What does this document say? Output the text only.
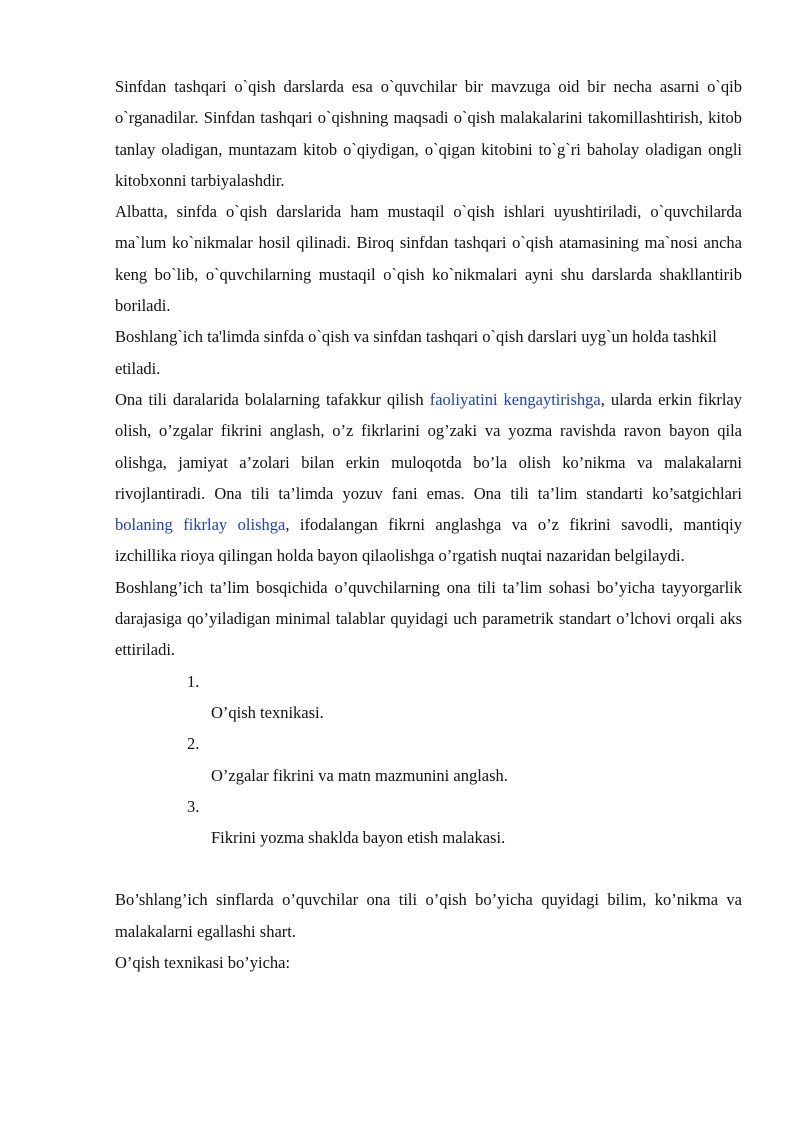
Sinfdan tashqari o`qish darslarda esa o`quvchilar bir mavzuga oid bir necha asarni o`qib o`rganadilar. Sinfdan tashqari o`qishning maqsadi o`qish malakalarini takomillashtirish, kitob tanlay oladigan, muntazam kitob o`qiydigan, o`qigan kitobini to`g`ri baholay oladigan ongli kitobxonni tarbiyalashdir.

Albatta, sinfda o`qish darslarida ham mustaqil o`qish ishlari uyushtiriladi, o`quvchilarda ma`lum ko`nikmalar hosil qilinadi. Biroq sinfdan tashqari o`qish atamasining ma`nosi ancha keng bo`lib, o`quvchilarning mustaqil o`qish ko`nikmalari ayni shu darslarda shakllantirib boriladi.

Boshlang`ich ta'limda sinfda o`qish va sinfdan tashqari o`qish darslari uyg`un holda tashkil etiladi.

Ona tili daralarida bolalarning tafakkur qilish faoliyatini kengaytirishga, ularda erkin fikrlay olish, o’zgalar fikrini anglash, o’z fikrlarini og’zaki va yozma ravishda ravon bayon qila olishga, jamiyat a’zolari bilan erkin muloqotda bo’la olish ko’nikma va malakalarni rivojlantiradi. Ona tili ta’limda yozuv fani emas. Ona tili ta’lim standarti ko’satgichlari bolaning fikrlay olishga, ifodalangan fikrni anglashga va o’z fikrini savodli, mantiqiy izchillika rioya qilingan holda bayon qilaolishga o’rgatish nuqtai nazaridan belgilaydi.

Boshlang’ich ta’lim bosqichida o’quvchilarning ona tili ta’lim sohasi bo’yicha tayyorgarlik darajasiga qo’yiladigan minimal talablar quyidagi uch parametrik standart o’lchovi orqali aks ettiriladi.

1.
O’qish texnikasi.
2.
O’zgalar fikrini va matn mazmunini anglash.
3.
Fikrini yozma shaklda bayon etish malakasi.

Bo’shlang’ich sinflarda o’quvchilar ona tili o’qish bo’yicha quyidagi bilim, ko’nikma va malakalarni egallashi shart.

O’qish texnikasi bo’yicha:
